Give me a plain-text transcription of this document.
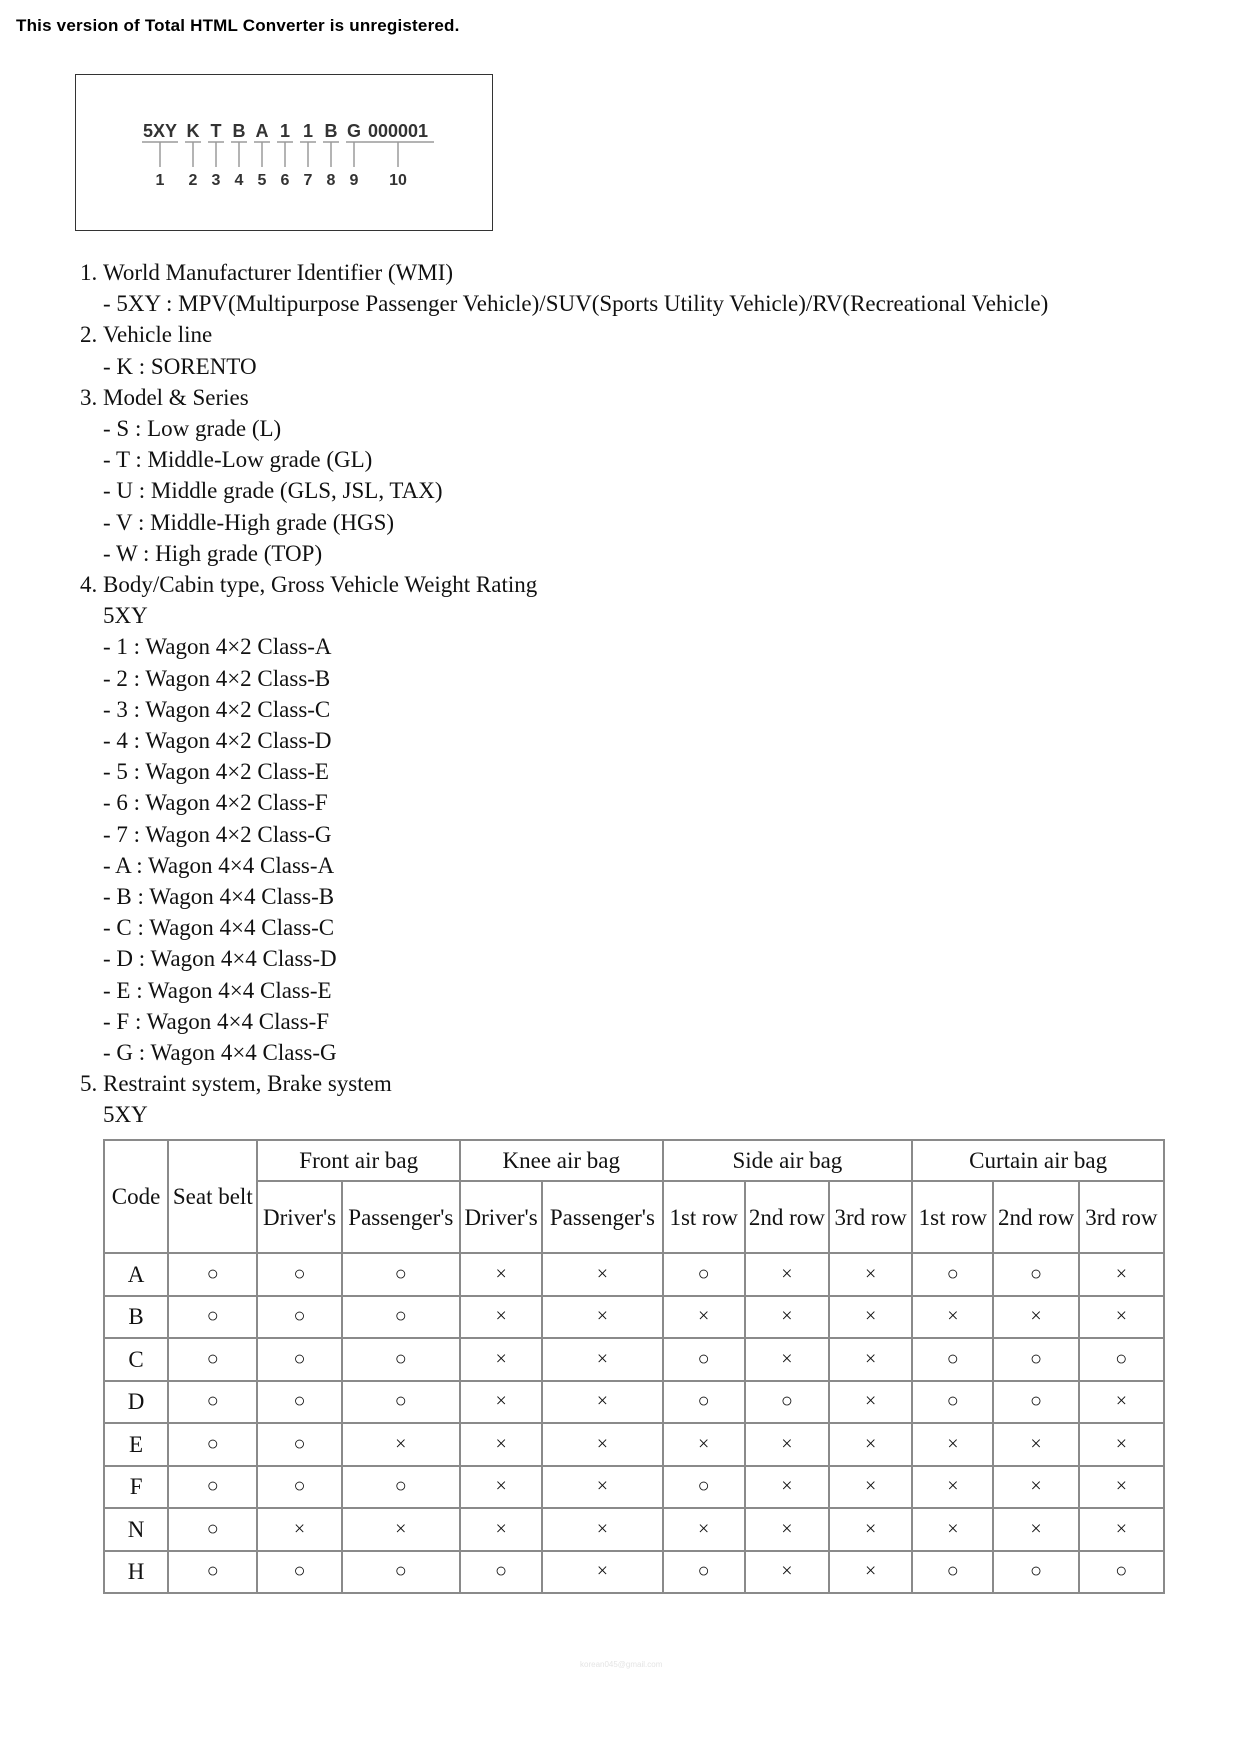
This version of Total HTML Converter is unregistered.
5XY K T B A 1 1 B G 000001
1 2 3 4 5 6 7 8 9 10
1. World Manufacturer Identifier (WMI)
- 5XY : MPV(Multipurpose Passenger Vehicle)/SUV(Sports Utility Vehicle)/RV(Recreational Vehicle)
2. Vehicle line
- K : SORENTO
3. Model & Series
- S : Low grade (L)
- T : Middle-Low grade (GL)
- U : Middle grade (GLS, JSL, TAX)
- V : Middle-High grade (HGS)
- W : High grade (TOP)
4. Body/Cabin type, Gross Vehicle Weight Rating
5XY
- 1 : Wagon 4×2 Class-A
- 2 : Wagon 4×2 Class-B
- 3 : Wagon 4×2 Class-C
- 4 : Wagon 4×2 Class-D
- 5 : Wagon 4×2 Class-E
- 6 : Wagon 4×2 Class-F
- 7 : Wagon 4×2 Class-G
- A : Wagon 4×4 Class-A
- B : Wagon 4×4 Class-B
- C : Wagon 4×4 Class-C
- D : Wagon 4×4 Class-D
- E : Wagon 4×4 Class-E
- F : Wagon 4×4 Class-F
- G : Wagon 4×4 Class-G
5. Restraint system, Brake system
5XY
Code	Seat belt	Front air bag		Knee air bag		Side air bag			Curtain air bag		
		Driver's	Passenger's	Driver's	Passenger's	1st row	2nd row	3rd row	1st row	2nd row	3rd row
A	○	○	○	×	×	○	×	×	○	○	×
B	○	○	○	×	×	×	×	×	×	×	×
C	○	○	○	×	×	○	×	×	○	○	○
D	○	○	○	×	×	○	○	×	○	○	×
E	○	○	×	×	×	×	×	×	×	×	×
F	○	○	○	×	×	○	×	×	×	×	×
N	○	×	×	×	×	×	×	×	×	×	×
H	○	○	○	○	×	○	×	×	○	○	○
korean045@gmail.com
